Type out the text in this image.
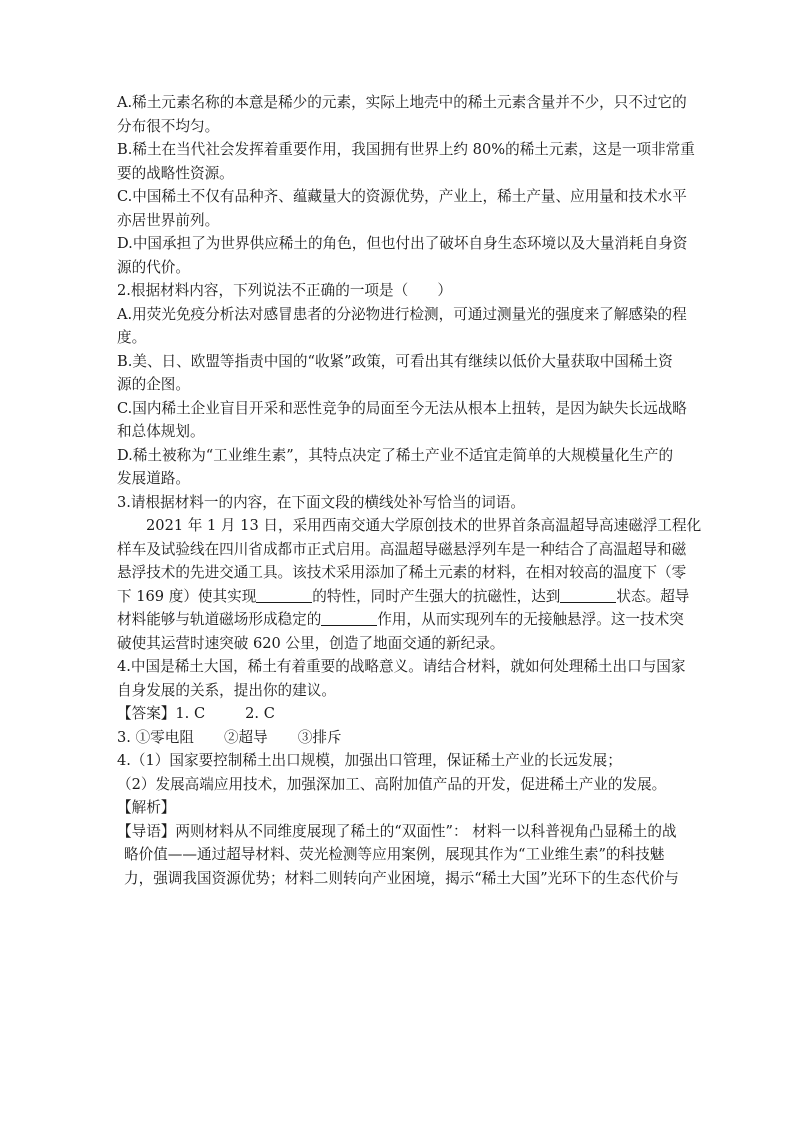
A.稀土元素名称的本意是稀少的元素，实际上地壳中的稀土元素含量并不少，只不过它的
分布很不均匀。
B.稀土在当代社会发挥着重要作用，我国拥有世界上约 80%的稀土元素，这是一项非常重
要的战略性资源。
C.中国稀土不仅有品种齐、蕴藏量大的资源优势，产业上，稀土产量、应用量和技术水平
亦居世界前列。
D.中国承担了为世界供应稀土的角色，但也付出了破坏自身生态环境以及大量消耗自身资
源的代价。
2.根据材料内容，下列说法不正确的一项是（　　）
A.用荧光免疫分析法对感冒患者的分泌物进行检测，可通过测量光的强度来了解感染的程
度。
B.美、日、欧盟等指责中国的“收紧”政策，可看出其有继续以低价大量获取中国稀土资
源的企图。
C.国内稀土企业盲目开采和恶性竞争的局面至今无法从根本上扭转，是因为缺失长远战略
和总体规划。
D.稀土被称为“工业维生素”，其特点决定了稀土产业不适宜走简单的大规模量化生产的
发展道路。
3.请根据材料一的内容，在下面文段的横线处补写恰当的词语。
2021 年 1 月 13 日，采用西南交通大学原创技术的世界首条高温超导高速磁浮工程化
样车及试验线在四川省成都市正式启用。高温超导磁悬浮列车是一种结合了高温超导和磁
悬浮技术的先进交通工具。该技术采用添加了稀土元素的材料，在相对较高的温度下（零
下 169 度）使其实现	的特性，同时产生强大的抗磁性，达到	状态。超导
材料能够与轨道磁场形成稳定的	作用，从而实现列车的无接触悬浮。这一技术突
破使其运营时速突破 620 公里，创造了地面交通的新纪录。
4.中国是稀土大国，稀土有着重要的战略意义。请结合材料，就如何处理稀土出口与国家
自身发展的关系，提出你的建议。
【答案】1. C	2. C
3. ①零电阻 ②超导 ③排斥
4.（1）国家要控制稀土出口规模，加强出口管理，保证稀土产业的长远发展；
（2）发展高端应用技术，加强深加工、高附加值产品的开发，促进稀土产业的发展。
【解析】
【导语】两则材料从不同维度展现了稀土的“双面性”： 材料一以科普视角凸显稀土的战
略价值——通过超导材料、荧光检测等应用案例，展现其作为“工业维生素”的科技魅
力，强调我国资源优势；材料二则转向产业困境，揭示“稀土大国”光环下的生态代价与
